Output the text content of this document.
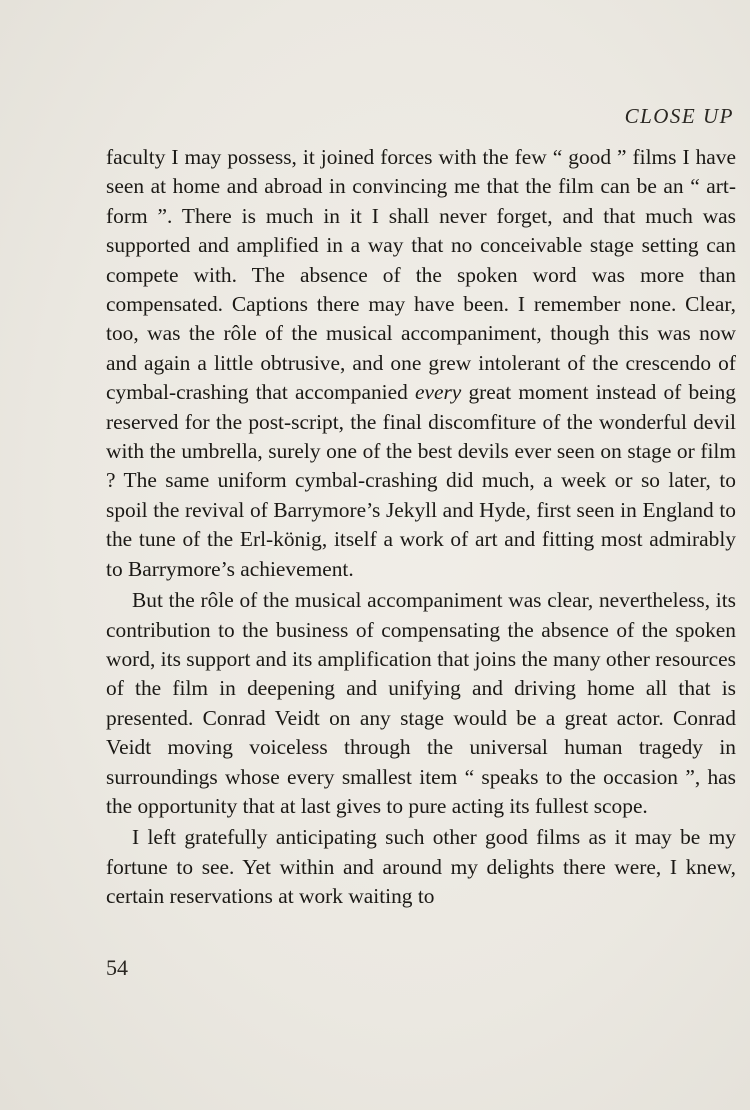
CLOSE UP

faculty I may possess, it joined forces with the few “ good ” films I have seen at home and abroad in convincing me that the film can be an “ art-form ”. There is much in it I shall never forget, and that much was supported and amplified in a way that no conceivable stage setting can compete with. The absence of the spoken word was more than compensated. Captions there may have been. I remember none. Clear, too, was the rôle of the musical accompaniment, though this was now and again a little obtrusive, and one grew intolerant of the crescendo of cymbal-crashing that accompanied every great moment instead of being reserved for the post-script, the final discomfiture of the wonderful devil with the umbrella, surely one of the best devils ever seen on stage or film ? The same uniform cymbal-crashing did much, a week or so later, to spoil the revival of Barrymore’s Jekyll and Hyde, first seen in England to the tune of the Erl-könig, itself a work of art and fitting most admirably to Barrymore’s achievement.

But the rôle of the musical accompaniment was clear, nevertheless, its contribution to the business of compensating the absence of the spoken word, its support and its amplification that joins the many other resources of the film in deepening and unifying and driving home all that is presented. Conrad Veidt on any stage would be a great actor. Conrad Veidt moving voiceless through the universal human tragedy in surroundings whose every smallest item “ speaks to the occasion ”, has the opportunity that at last gives to pure acting its fullest scope.

I left gratefully anticipating such other good films as it may be my fortune to see. Yet within and around my delights there were, I knew, certain reservations at work waiting to

54
